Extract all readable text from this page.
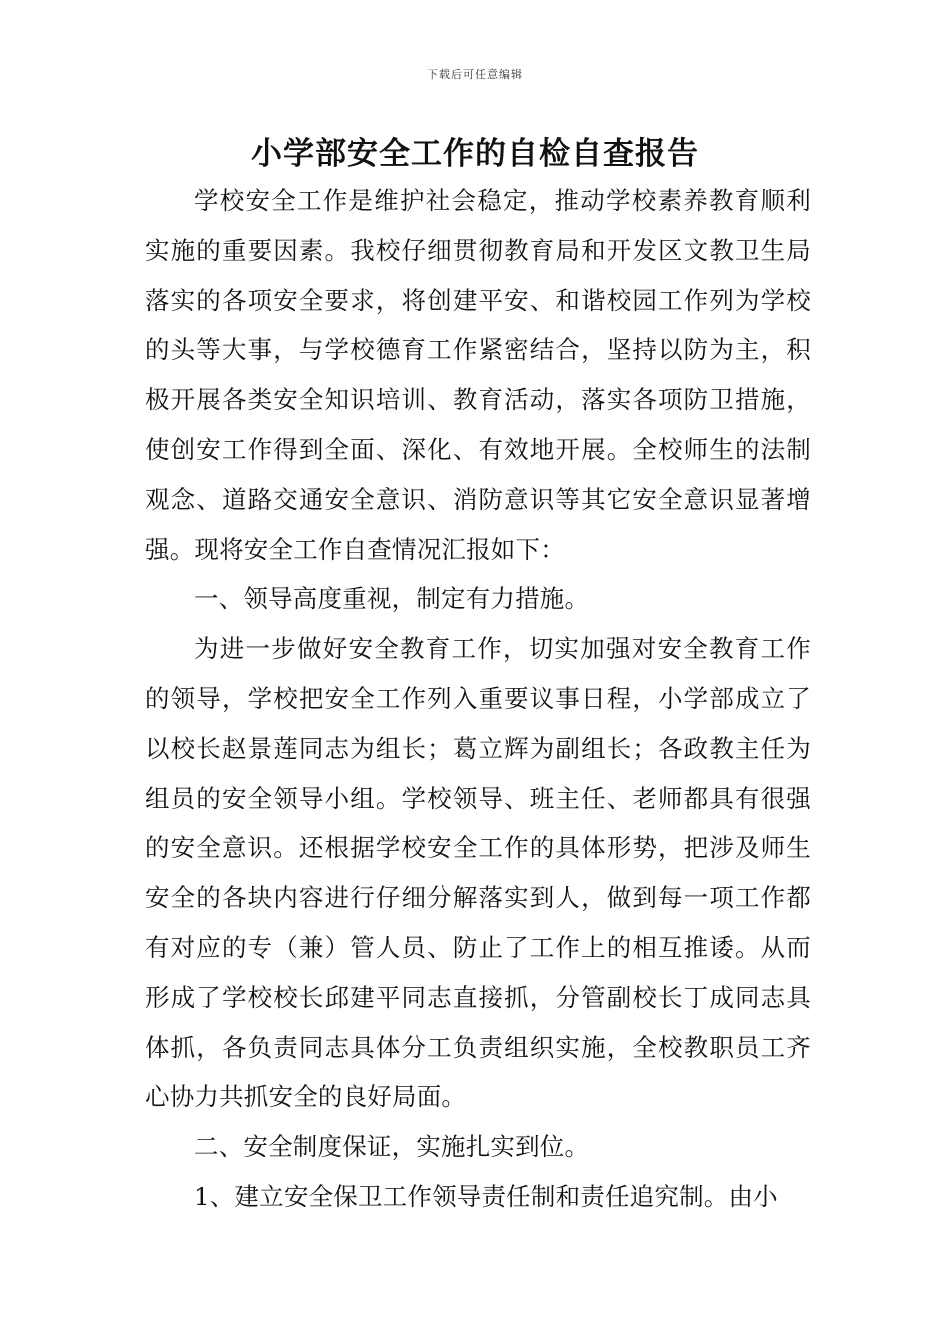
下载后可任意编辑
小学部安全工作的自检自查报告

学校安全工作是维护社会稳定，推动学校素养教育顺利实施的重要因素。我校仔细贯彻教育局和开发区文教卫生局落实的各项安全要求，将创建平安、和谐校园工作列为学校的头等大事，与学校德育工作紧密结合，坚持以防为主，积极开展各类安全知识培训、教育活动，落实各项防卫措施，使创安工作得到全面、深化、有效地开展。全校师生的法制观念、道路交通安全意识、消防意识等其它安全意识显著增强。现将安全工作自查情况汇报如下：

一、领导高度重视，制定有力措施。

为进一步做好安全教育工作，切实加强对安全教育工作的领导，学校把安全工作列入重要议事日程，小学部成立了以校长赵景莲同志为组长；葛立辉为副组长；各政教主任为组员的安全领导小组。学校领导、班主任、老师都具有很强的安全意识。还根据学校安全工作的具体形势，把涉及师生安全的各块内容进行仔细分解落实到人，做到每一项工作都有对应的专（兼）管人员、防止了工作上的相互推诿。从而形成了学校校长邱建平同志直接抓，分管副校长丁成同志具体抓，各负责同志具体分工负责组织实施，全校教职员工齐心协力共抓安全的良好局面。

二、安全制度保证，实施扎实到位。

1、建立安全保卫工作领导责任制和责任追究制。由小
